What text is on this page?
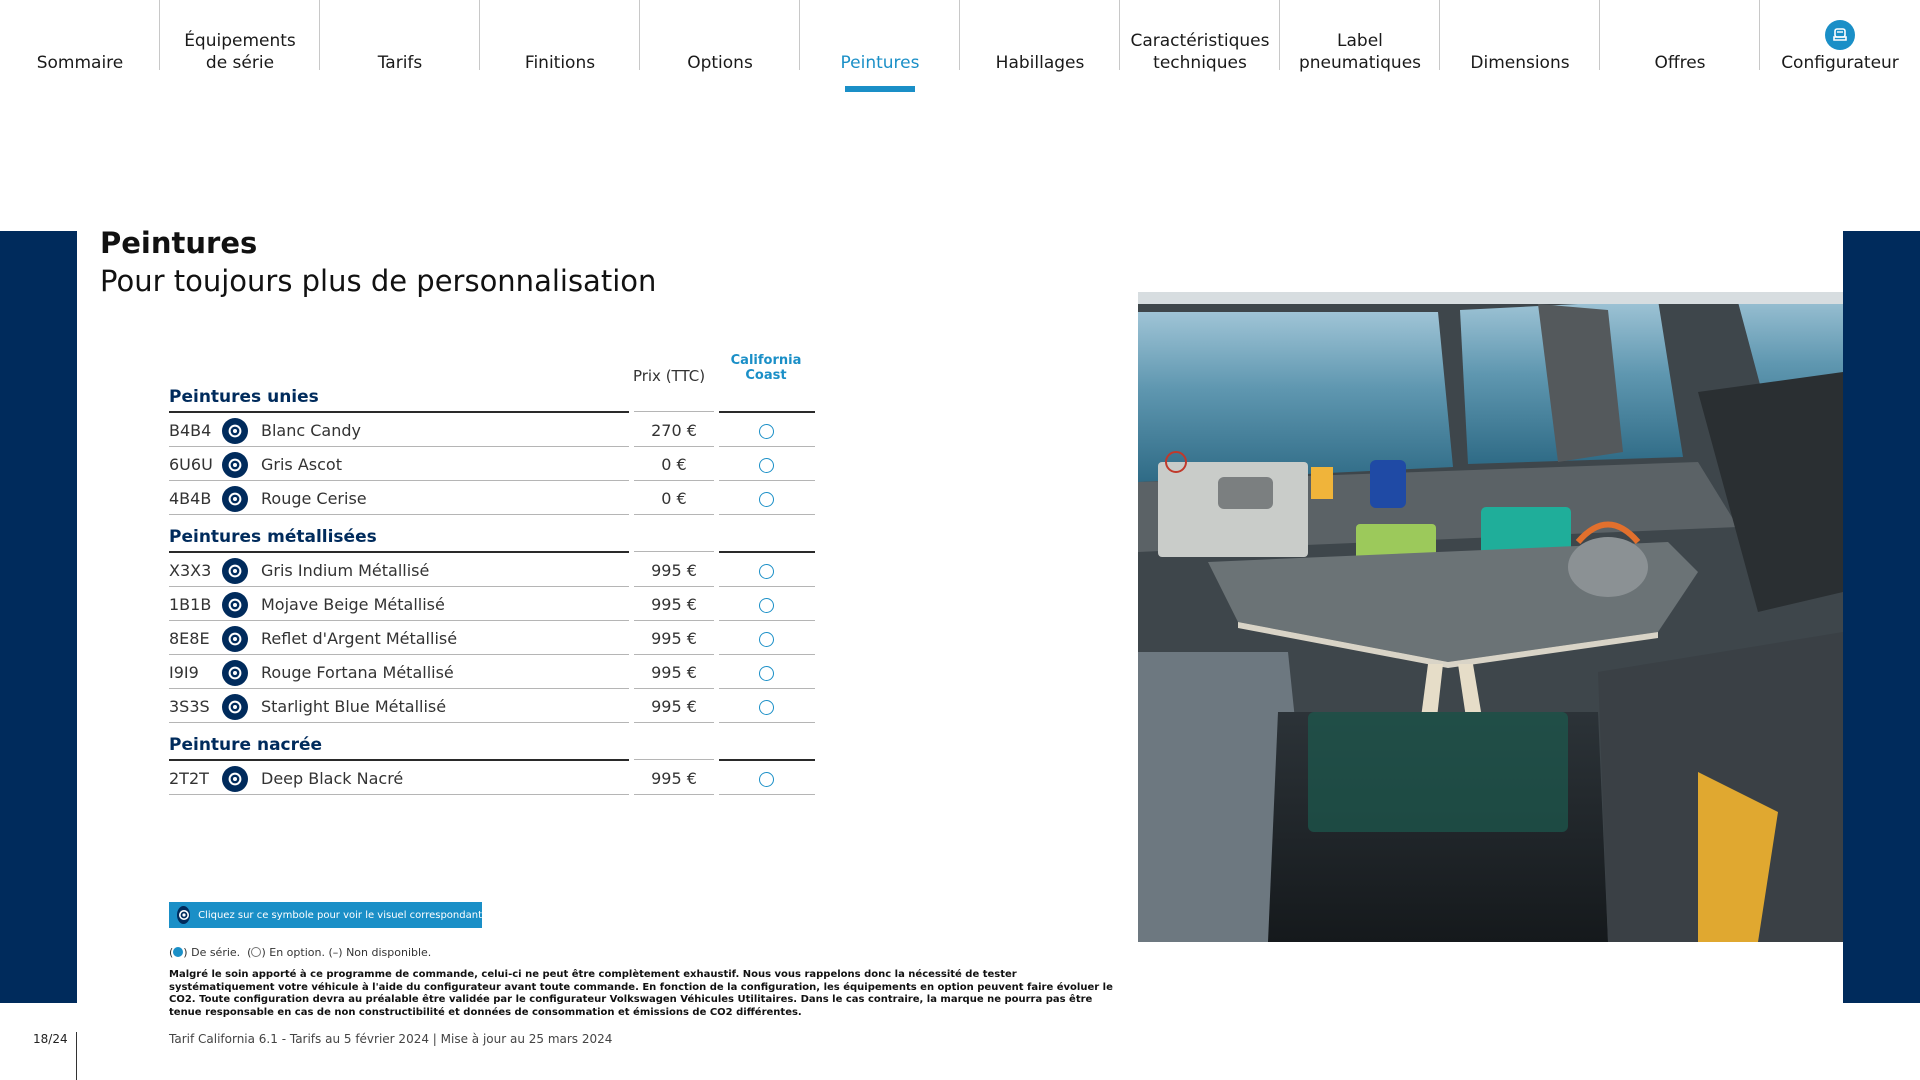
Sommaire
Équipements
de série	Tarifs	Finitions	Options	Peintures	Habillages
Caractéristiques
techniques
Label
pneumatiques	Dimensions	Offres	Configurateur
Peintures
Pour toujours plus de personnalisation
Prix (TTC)
California
Coast
Peintures unies
B4B4	Blanc Candy	270 €
6U6U	Gris Ascot	0 €
4B4B	Rouge Cerise	0 €
Peintures métallisées
X3X3	Gris Indium Métallisé	995 €
1B1B	Mojave Beige Métallisé	995 €
8E8E	Reflet d'Argent Métallisé	995 €
I9I9	Rouge Fortana Métallisé	995 €
3S3S	Starlight Blue Métallisé	995 €
Peinture nacrée
2T2T	Deep Black Nacré	995 €
Cliquez sur ce symbole pour voir le visuel correspondant
( ) De série.  ( ) En option. (–) Non disponible.

Malgré le soin apporté à ce programme de commande, celui-ci ne peut être complètement exhaustif. Nous vous rappelons donc la nécessité de tester systématiquement votre véhicule à l'aide du configurateur avant toute commande. En fonction de la configuration, les équipements en option peuvent faire évoluer le CO2. Toute configuration devra au préalable être validée par le configurateur Volkswagen Véhicules Utilitaires. Dans le cas contraire, la marque ne pourra pas être tenue responsable en cas de non constructibilité et données de consommation et émissions de CO2 différentes.

18/24	Tarif California 6.1 - Tarifs au 5 février 2024 | Mise à jour au 25 mars 2024
